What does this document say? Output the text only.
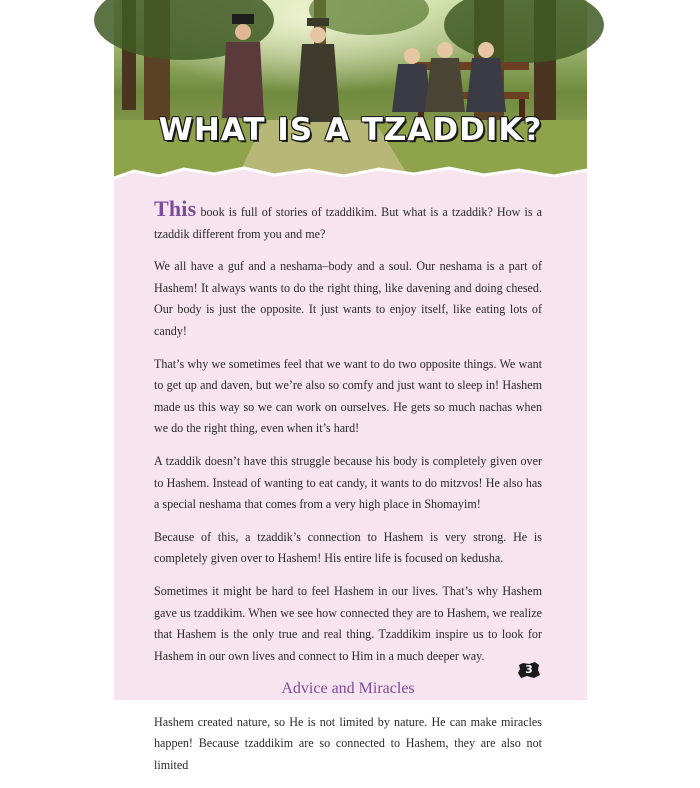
WHAT IS A TZADDIK?

This book is full of stories of tzaddikim. But what is a tzaddik? How is a tzaddik different from you and me?

We all have a guf and a neshama–body and a soul. Our neshama is a part of Hashem! It always wants to do the right thing, like davening and doing chesed. Our body is just the opposite. It just wants to enjoy itself, like eating lots of candy!

That’s why we sometimes feel that we want to do two opposite things. We want to get up and daven, but we’re also so comfy and just want to sleep in! Hashem made us this way so we can work on ourselves. He gets so much nachas when we do the right thing, even when it’s hard!

A tzaddik doesn’t have this struggle because his body is completely given over to Hashem. Instead of wanting to eat candy, it wants to do mitzvos! He also has a special neshama that comes from a very high place in Shomayim!

Because of this, a tzaddik’s connection to Hashem is very strong. He is completely given over to Hashem! His entire life is focused on kedusha.

Sometimes it might be hard to feel Hashem in our lives. That’s why Hashem gave us tzaddikim. When we see how connected they are to Hashem, we realize that Hashem is the only true and real thing. Tzaddikim inspire us to look for Hashem in our own lives and connect to Him in a much deeper way.

Advice and Miracles

Hashem created nature, so He is not limited by nature. He can make miracles happen! Because tzaddikim are so connected to Hashem, they are also not limited

3
